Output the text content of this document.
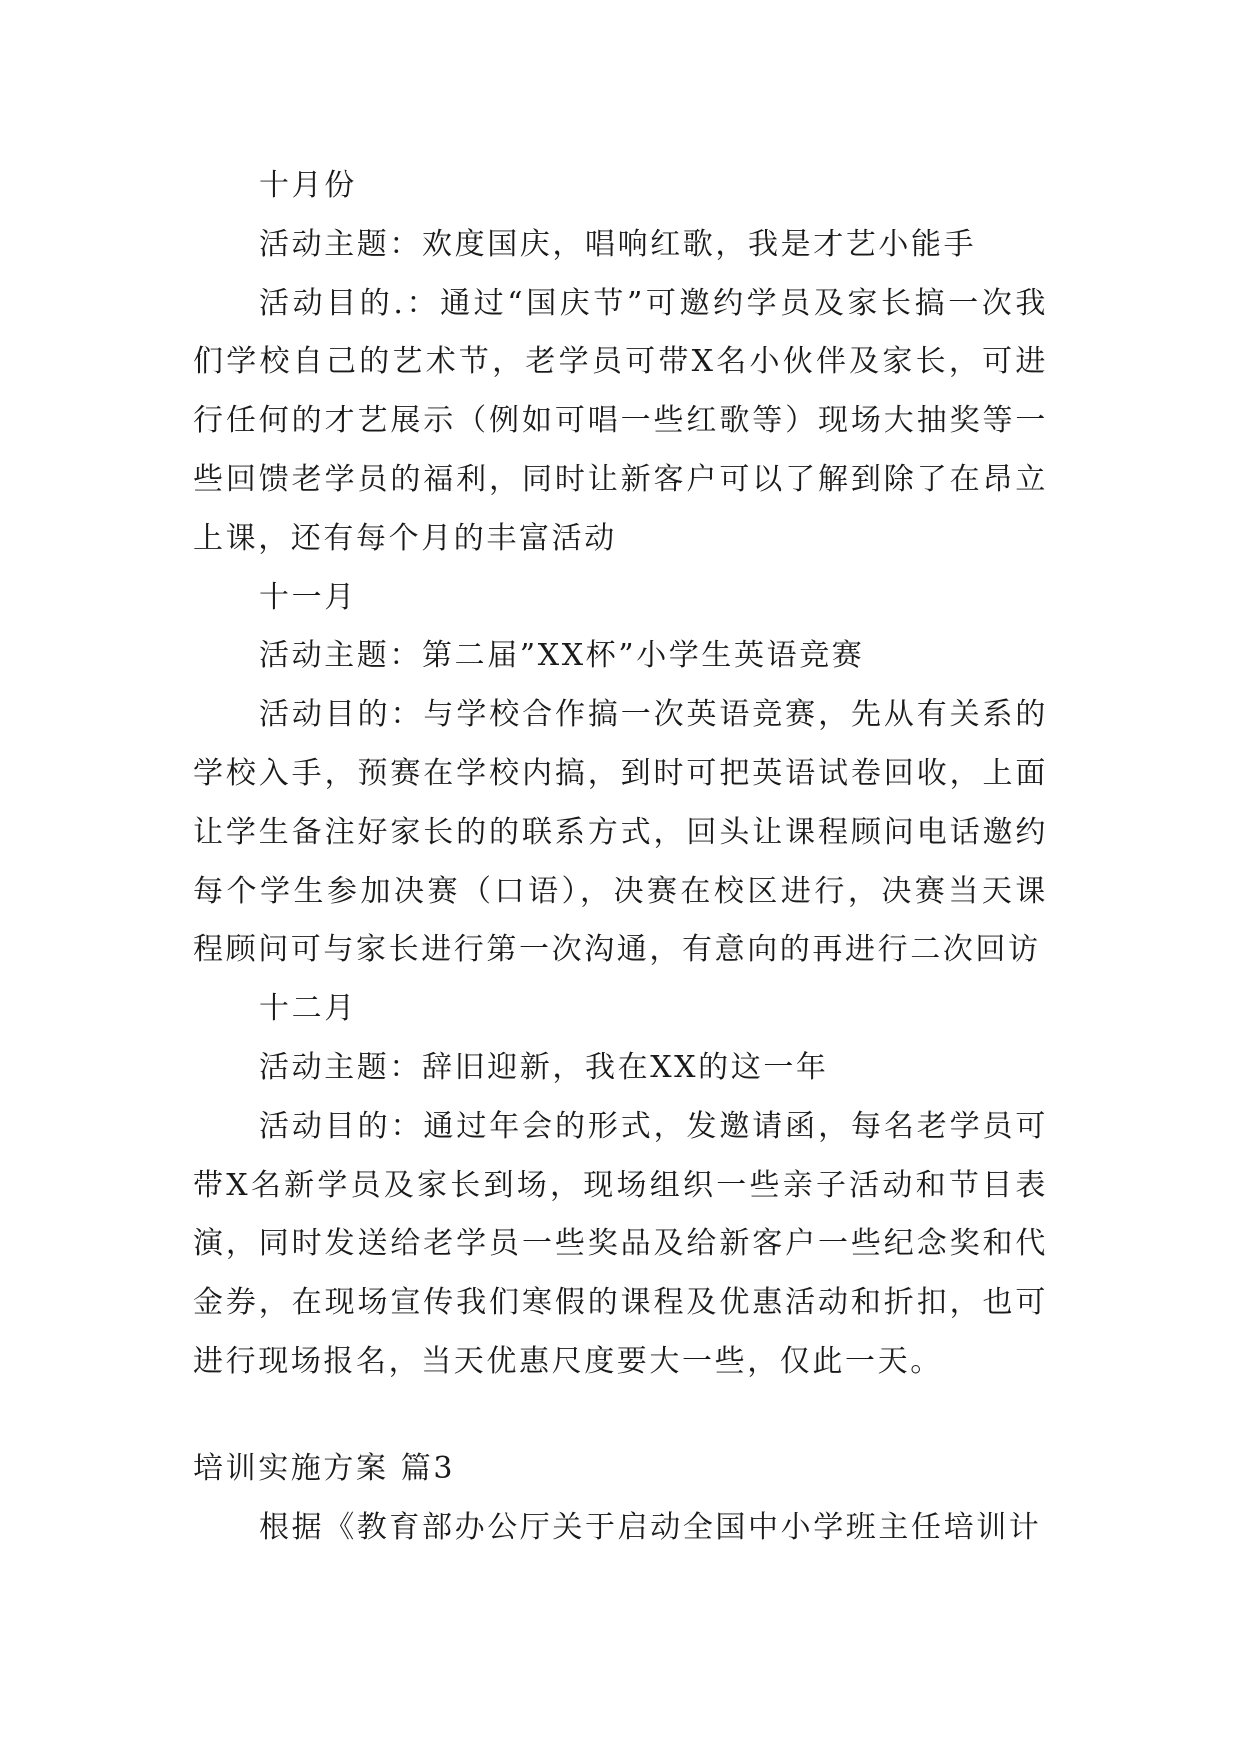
十月份

活动主题：欢度国庆，唱响红歌，我是才艺小能手

活动目的.：通过“国庆节”可邀约学员及家长搞一次我们学校自己的艺术节，老学员可带X名小伙伴及家长，可进行任何的才艺展示（例如可唱一些红歌等）现场大抽奖等一些回馈老学员的福利，同时让新客户可以了解到除了在昂立上课，还有每个月的丰富活动

十一月

活动主题：第二届”XX杯”小学生英语竞赛

活动目的：与学校合作搞一次英语竞赛，先从有关系的学校入手，预赛在学校内搞，到时可把英语试卷回收，上面让学生备注好家长的的联系方式，回头让课程顾问电话邀约每个学生参加决赛（口语），决赛在校区进行，决赛当天课程顾问可与家长进行第一次沟通，有意向的再进行二次回访

十二月

活动主题：辞旧迎新，我在XX的这一年

活动目的：通过年会的形式，发邀请函，每名老学员可带X名新学员及家长到场，现场组织一些亲子活动和节目表演，同时发送给老学员一些奖品及给新客户一些纪念奖和代金券，在现场宣传我们寒假的课程及优惠活动和折扣，也可进行现场报名，当天优惠尺度要大一些，仅此一天。

培训实施方案 篇3

根据《教育部办公厅关于启动全国中小学班主任培训计
